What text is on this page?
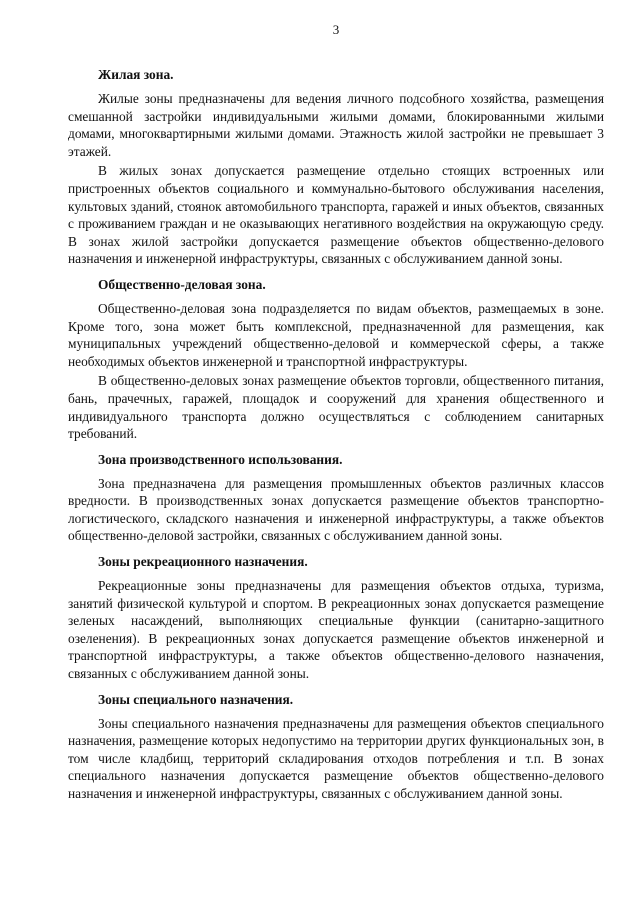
3
Жилая зона.

Жилые зоны предназначены для ведения личного подсобного хозяйства, размещения смешанной застройки индивидуальными жилыми домами, блокированными жилыми домами, многоквартирными жилыми домами. Этажность жилой застройки не превышает 3 этажей.

В жилых зонах допускается размещение отдельно стоящих встроенных или пристроенных объектов социального и коммунально-бытового обслуживания населения, культовых зданий, стоянок автомобильного транспорта, гаражей и иных объектов, связанных с проживанием граждан и не оказывающих негативного воздействия на окружающую среду. В зонах жилой застройки допускается размещение объектов общественно-делового назначения и инженерной инфраструктуры, связанных с обслуживанием данной зоны.

Общественно-деловая зона.

Общественно-деловая зона подразделяется по видам объектов, размещаемых в зоне. Кроме того, зона может быть комплексной, предназначенной для размещения, как муниципальных учреждений общественно-деловой и коммерческой сферы, а также необходимых объектов инженерной и транспортной инфраструктуры.

В общественно-деловых зонах размещение объектов торговли, общественного питания, бань, прачечных, гаражей, площадок и сооружений для хранения общественного и индивидуального транспорта должно осуществляться с соблюдением санитарных требований.

Зона производственного использования.

Зона предназначена для размещения промышленных объектов различных классов вредности. В производственных зонах допускается размещение объектов транспортно-логистического, складского назначения и инженерной инфраструктуры, а также объектов общественно-деловой застройки, связанных с обслуживанием данной зоны.

Зоны рекреационного назначения.

Рекреационные зоны предназначены для размещения объектов отдыха, туризма, занятий физической культурой и спортом. В рекреационных зонах допускается размещение зеленых насаждений, выполняющих специальные функции (санитарно-защитного озеленения). В рекреационных зонах допускается размещение объектов инженерной и транспортной инфраструктуры, а также объектов общественно-делового назначения, связанных с обслуживанием данной зоны.

Зоны специального назначения.

Зоны специального назначения предназначены для размещения объектов специального назначения, размещение которых недопустимо на территории других функциональных зон, в том числе кладбищ, территорий складирования отходов потребления и т.п. В зонах специального назначения допускается размещение объектов общественно-делового назначения и инженерной инфраструктуры, связанных с обслуживанием данной зоны.
